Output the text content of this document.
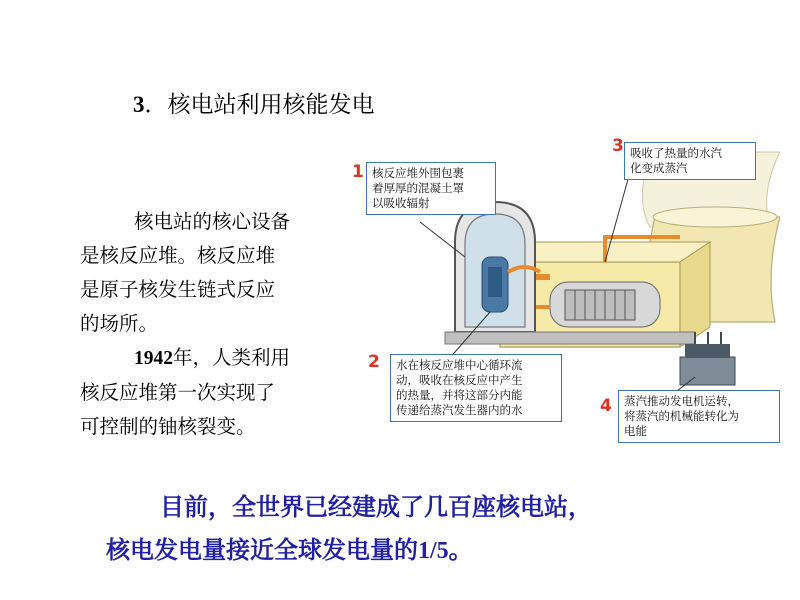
3．核电站利用核能发电
核电站的核心设备
是核反应堆。核反应堆
是原子核发生链式反应
的场所。
1942年，人类利用
核反应堆第一次实现了
可控制的铀核裂变。
1 核反应堆外围包裹
着厚厚的混凝土罩
以吸收辐射
3 吸收了热量的水汽
化变成蒸汽
2 水在核反应堆中心循环流
动，吸收在核反应中产生
的热量，并将这部分内能
传递给蒸汽发生器内的水	4 蒸汽推动发电机运转，
将蒸汽的机械能转化为
电能
目前，全世界已经建成了几百座核电站，
核电发电量接近全球发电量的1/5。
